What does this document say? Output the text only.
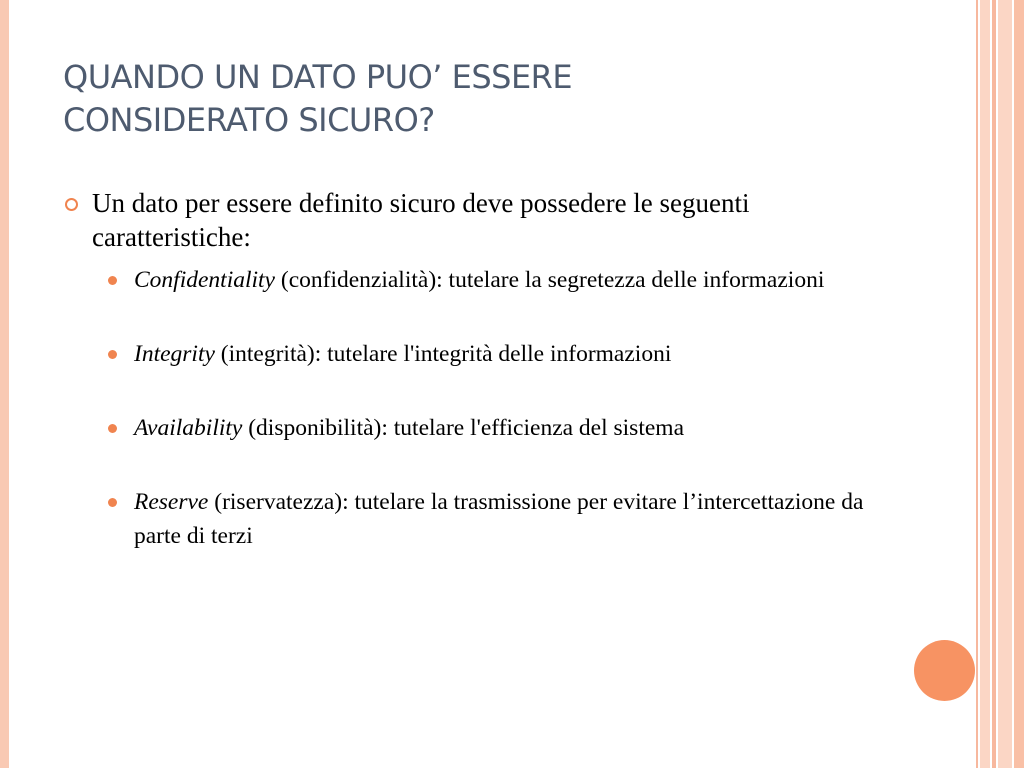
QUANDO UN DATO PUO’ ESSERE
CONSIDERATO SICURO?
Un dato per essere definito sicuro deve possedere le seguenti caratteristiche:
Confidentiality (confidenzialità): tutelare la segretezza delle informazioni
Integrity (integrità): tutelare l'integrità delle informazioni
Availability (disponibilità): tutelare l'efficienza del sistema
Reserve (riservatezza): tutelare la trasmissione per evitare l’intercettazione da parte di terzi
